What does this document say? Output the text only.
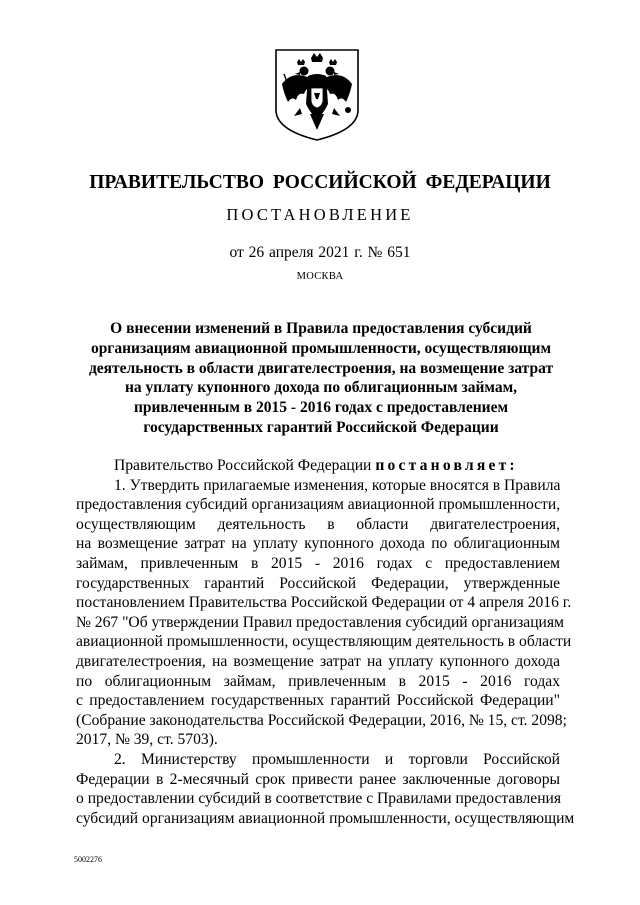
ПРАВИТЕЛЬСТВО РОССИЙСКОЙ ФЕДЕРАЦИИ
ПОСТАНОВЛЕНИЕ
от 26 апреля 2021 г. № 651
МОСКВА
О внесении изменений в Правила предоставления субсидий
организациям авиационной промышленности, осуществляющим
деятельность в области двигателестроения, на возмещение затрат
на уплату купонного дохода по облигационным займам,
привлеченным в 2015 - 2016 годах с предоставлением
государственных гарантий Российской Федерации
Правительство Российской Федерации постановляет:
1. Утвердить прилагаемые изменения, которые вносятся в Правила
предоставления субсидий организациям авиационной промышленности,
осуществляющим деятельность в области двигателестроения,
на возмещение затрат на уплату купонного дохода по облигационным
займам, привлеченным в 2015 - 2016 годах с предоставлением
государственных гарантий Российской Федерации, утвержденные
постановлением Правительства Российской Федерации от 4 апреля 2016 г.
№ 267 "Об утверждении Правил предоставления субсидий организациям
авиационной промышленности, осуществляющим деятельность в области
двигателестроения, на возмещение затрат на уплату купонного дохода
по облигационным займам, привлеченным в 2015 - 2016 годах
с предоставлением государственных гарантий Российской Федерации"
(Собрание законодательства Российской Федерации, 2016, № 15, ст. 2098;
2017, № 39, ст. 5703).
2. Министерству промышленности и торговли Российской
Федерации в 2-месячный срок привести ранее заключенные договоры
о предоставлении субсидий в соответствие с Правилами предоставления
субсидий организациям авиационной промышленности, осуществляющим
5002276
